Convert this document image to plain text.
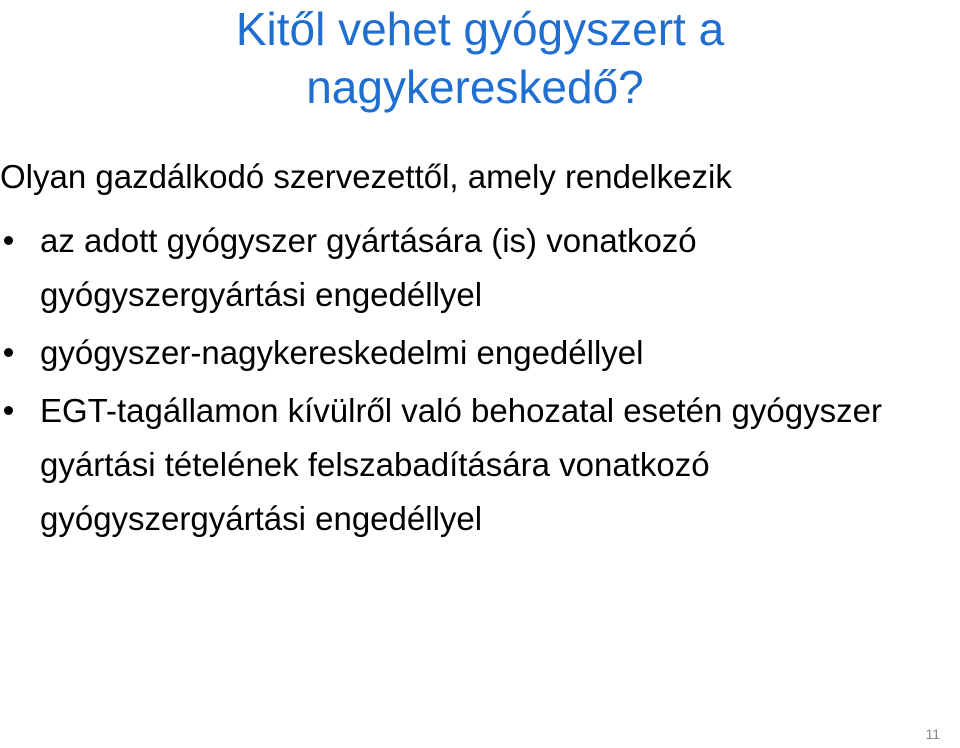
Kitől vehet gyógyszert a
nagykereskedő?
Olyan gazdálkodó szervezettől, amely rendelkezik
az adott gyógyszer gyártására (is) vonatkozó gyógyszergyártási engedéllyel
gyógyszer-nagykereskedelmi engedéllyel
EGT-tagállamon kívülről való behozatal esetén gyógyszer gyártási tételének felszabadítására vonatkozó gyógyszergyártási engedéllyel
11
